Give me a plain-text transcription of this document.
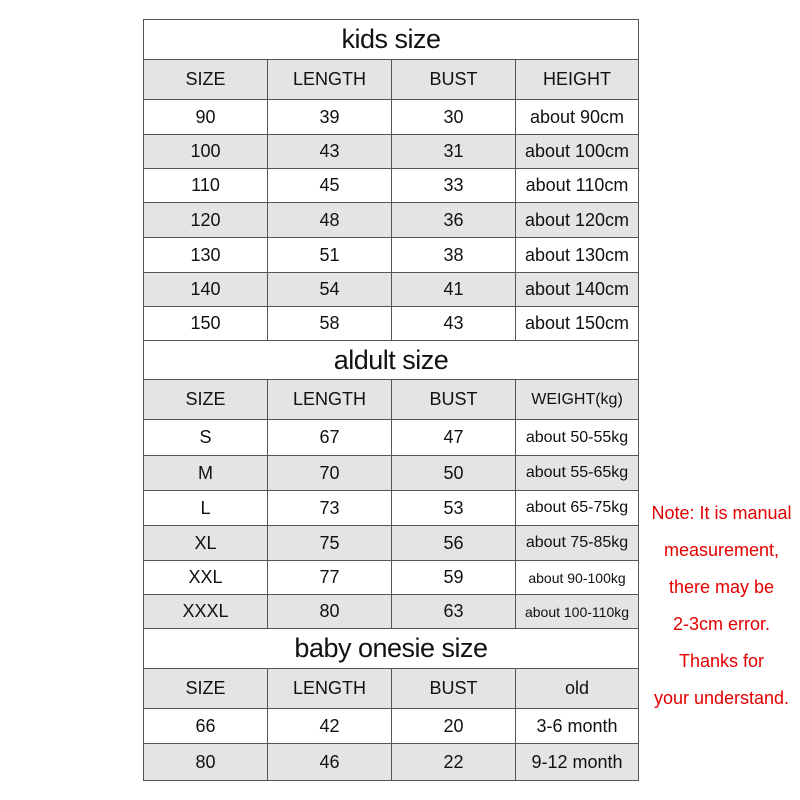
kids size
SIZE	LENGTH	BUST	HEIGHT
90	39	30	about 90cm
100	43	31	about 100cm
110	45	33	about 110cm
120	48	36	about 120cm
130	51	38	about 130cm
140	54	41	about 140cm
150	58	43	about 150cm
aldult size
SIZE	LENGTH	BUST	WEIGHT(kg)
S	67	47	about 50-55kg
M	70	50	about 55-65kg
L	73	53	about 65-75kg
XL	75	56	about 75-85kg
XXL	77	59	about 90-100kg
XXXL	80	63	about 100-110kg
baby onesie size
SIZE	LENGTH	BUST	old
66	42	20	3-6 month
80	46	22	9-12 month
Note: It is manual
measurement,
there may be
2-3cm error.
Thanks for
your understand.
